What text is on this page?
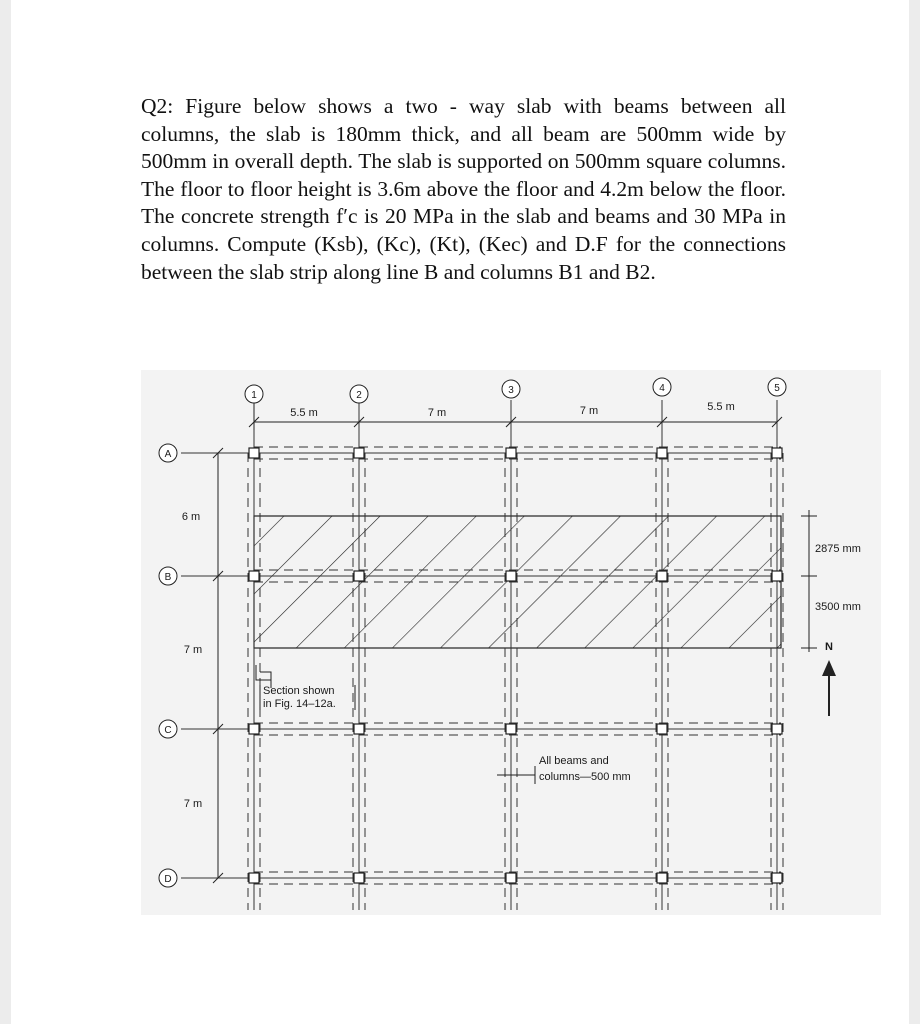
Q2: Figure below shows a two - way slab with beams between all columns, the slab is 180mm thick, and all beam are 500mm wide by 500mm in overall depth. The slab is supported on 500mm square columns. The floor to floor height is 3.6m above the floor and 4.2m below the floor. The concrete strength f′c is 20 MPa in the slab and beams and 30 MPa in columns. Compute (Ksb), (Kc), (Kt), (Kec) and D.F for the connections between the slab strip along line B and columns B1 and B2.
1	2	3	4	5
A
B
C
D
5.5 m	7 m	7 m	5.5 m
6 m
7 m
7 m
2875 mm
3500 mm
N
Section shown
in Fig. 14–12a.
All beams and
columns—500 mm
